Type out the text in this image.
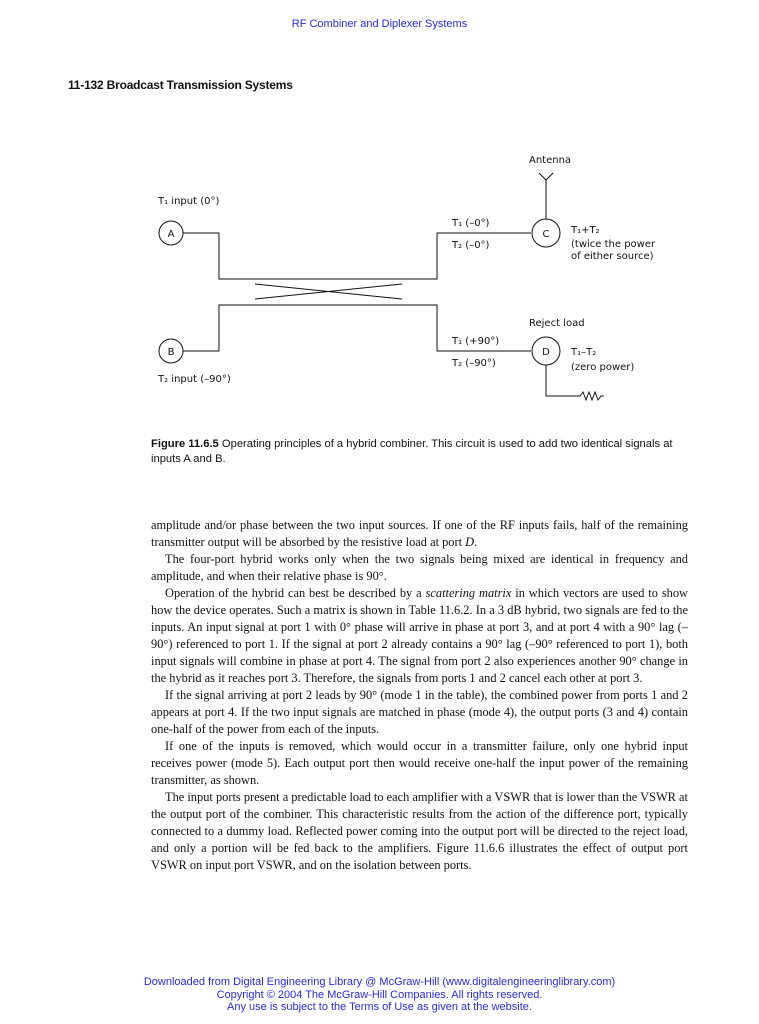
RF Combiner and Diplexer Systems
11-132 Broadcast Transmission Systems
A
B
C
D
Antenna
Reject load
T₁ input (0°)
T₂ input (–90°)
T₁ (–0°)
T₂ (–0°)
T₁ (+90°)
T₂ (–90°)
T₁+T₂
(twice the power
of either source)
T₁–T₂
(zero power)
Figure 11.6.5 Operating principles of a hybrid combiner. This circuit is used to add two identical signals at inputs A and B.

amplitude and/or phase between the two input sources. If one of the RF inputs fails, half of the remaining transmitter output will be absorbed by the resistive load at port D.

The four-port hybrid works only when the two signals being mixed are identical in frequency and amplitude, and when their relative phase is 90°.

Operation of the hybrid can best be described by a scattering matrix in which vectors are used to show how the device operates. Such a matrix is shown in Table 11.6.2. In a 3 dB hybrid, two signals are fed to the inputs. An input signal at port 1 with 0° phase will arrive in phase at port 3, and at port 4 with a 90° lag (–90°) referenced to port 1. If the signal at port 2 already contains a 90° lag (–90° referenced to port 1), both input signals will combine in phase at port 4. The signal from port 2 also experiences another 90° change in the hybrid as it reaches port 3. Therefore, the signals from ports 1 and 2 cancel each other at port 3.

If the signal arriving at port 2 leads by 90° (mode 1 in the table), the combined power from ports 1 and 2 appears at port 4. If the two input signals are matched in phase (mode 4), the output ports (3 and 4) contain one-half of the power from each of the inputs.

If one of the inputs is removed, which would occur in a transmitter failure, only one hybrid input receives power (mode 5). Each output port then would receive one-half the input power of the remaining transmitter, as shown.

The input ports present a predictable load to each amplifier with a VSWR that is lower than the VSWR at the output port of the combiner. This characteristic results from the action of the difference port, typically connected to a dummy load. Reflected power coming into the output port will be directed to the reject load, and only a portion will be fed back to the amplifiers. Figure 11.6.6 illustrates the effect of output port VSWR on input port VSWR, and on the isolation between ports.

Downloaded from Digital Engineering Library @ McGraw-Hill (www.digitalengineeringlibrary.com)
Copyright © 2004 The McGraw-Hill Companies. All rights reserved.
Any use is subject to the Terms of Use as given at the website.
